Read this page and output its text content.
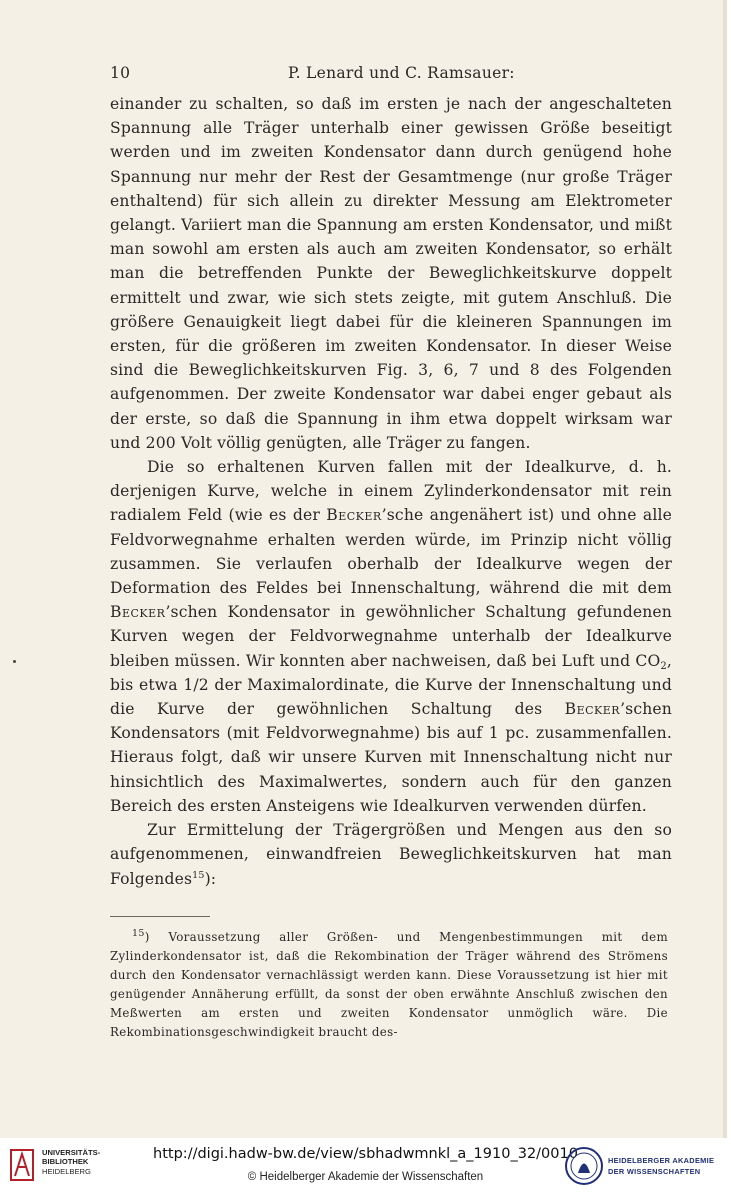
10	P. Lenard und C. Ramsauer:

einander zu schalten, so daß im ersten je nach der angeschalteten Spannung alle Träger unterhalb einer gewissen Größe beseitigt werden und im zweiten Kondensator dann durch genügend hohe Spannung nur mehr der Rest der Gesamtmenge (nur große Träger enthaltend) für sich allein zu direkter Messung am Elektrometer gelangt. Variiert man die Spannung am ersten Kondensator, und mißt man sowohl am ersten als auch am zweiten Kondensator, so erhält man die betreffenden Punkte der Beweglichkeitskurve doppelt ermittelt und zwar, wie sich stets zeigte, mit gutem Anschluß. Die größere Genauigkeit liegt dabei für die kleineren Spannungen im ersten, für die größeren im zweiten Kondensator. In dieser Weise sind die Beweglichkeitskurven Fig. 3, 6, 7 und 8 des Folgenden aufgenommen. Der zweite Kondensator war dabei enger gebaut als der erste, so daß die Spannung in ihm etwa doppelt wirksam war und 200 Volt völlig genügten, alle Träger zu fangen.

Die so erhaltenen Kurven fallen mit der Idealkurve, d. h. derjenigen Kurve, welche in einem Zylinderkondensator mit rein radialem Feld (wie es der Becker’sche angenähert ist) und ohne alle Feldvorwegnahme erhalten werden würde, im Prinzip nicht völlig zusammen. Sie verlaufen oberhalb der Idealkurve wegen der Deformation des Feldes bei Innenschaltung, während die mit dem Becker’schen Kondensator in gewöhnlicher Schaltung gefundenen Kurven wegen der Feldvorwegnahme unterhalb der Idealkurve bleiben müssen. Wir konnten aber nachweisen, daß bei Luft und $CO_2$, bis etwa 1/2 der Maximalordinate, die Kurve der Innenschaltung und die Kurve der gewöhnlichen Schaltung des Becker’schen Kondensators (mit Feldvorwegnahme) bis auf 1 pc. zusammenfallen. Hieraus folgt, daß wir unsere Kurven mit Innenschaltung nicht nur hinsichtlich des Maximalwertes, sondern auch für den ganzen Bereich des ersten Ansteigens wie Idealkurven verwenden dürfen.

Zur Ermittelung der Trägergrößen und Mengen aus den so aufgenommenen, einwandfreien Beweglichkeitskurven hat man Folgendes$^{15}$):

$^{15}$) Voraussetzung aller Größen- und Mengenbestimmungen mit dem Zylinderkondensator ist, daß die Rekombination der Träger während des Strömens durch den Kondensator vernachlässigt werden kann. Diese Voraussetzung ist hier mit genügender Annäherung erfüllt, da sonst der oben erwähnte Anschluß zwischen den Meßwerten am ersten und zweiten Kondensator unmöglich wäre. Die Rekombinationsgeschwindigkeit braucht des-
UNIVERSITÄTS-
BIBLIOTHEK
HEIDELBERG
http://digi.hadw-bw.de/view/sbhadwmnkl_a_1910_32/0010
© Heidelberger Akademie der Wissenschaften
HEIDELBERGER AKADEMIE
DER WISSENSCHAFTEN
